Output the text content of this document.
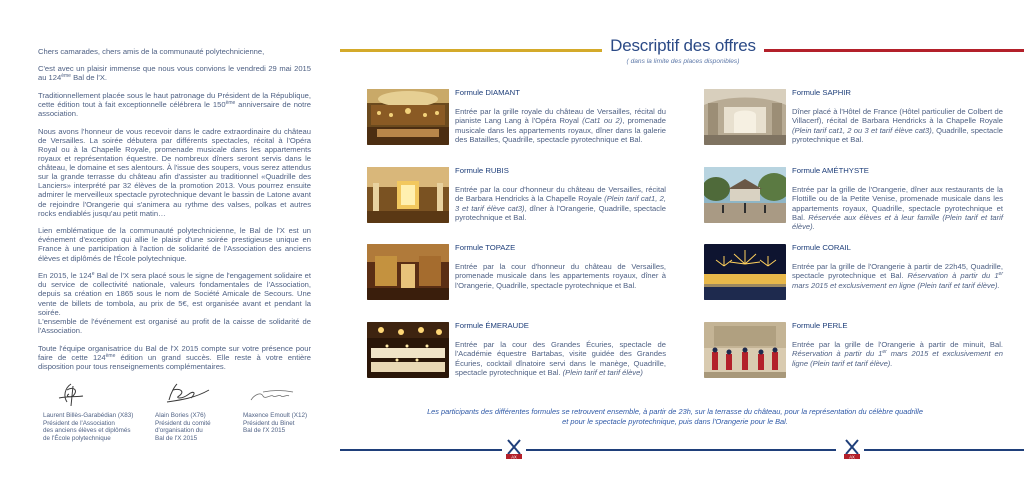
Chers camarades, chers amis de la communauté polytechnicienne,

C'est avec un plaisir immense que nous vous convions le vendredi 29 mai 2015 au 124ème Bal de l'X.

Traditionnellement placée sous le haut patronage du Président de la République, cette édition tout à fait exceptionnelle célébrera le 150ème anniversaire de notre association.

Nous avons l'honneur de vous recevoir dans le cadre extraordinaire du château de Versailles. La soirée débutera par différents spectacles, récital à l'Opéra Royal ou à la Chapelle Royale, promenade musicale dans les appartements royaux et représentation équestre. De nombreux dîners seront servis dans le château, le domaine et ses alentours. À l'issue des soupers, vous serez attendus sur la grande terrasse du château afin d'assister au traditionnel «Quadrille des Lanciers» interprété par 32 élèves de la promotion 2013. Vous pourrez ensuite admirer le merveilleux spectacle pyrotechnique devant le bassin de Latone avant de rejoindre l'Orangerie qui s'animera au rythme des valses, polkas et autres rocks endiablés jusqu'au petit matin…

Lien emblématique de la communauté polytechnicienne, le Bal de l'X est un événement d'exception qui allie le plaisir d'une soirée prestigieuse unique en France à une participation à l'action de solidarité de l'Association des anciens élèves et diplômés de l'École polytechnique.

En 2015, le 124e Bal de l'X sera placé sous le signe de l'engagement solidaire et du service de collectivité nationale, valeurs fondamentales de l'Association, depuis sa création en 1865 sous le nom de Société Amicale de Secours. Une vente de billets de tombola, au prix de 5€, est organisée avant et pendant la soirée.
L'ensemble de l'événement est organisé au profit de la caisse de solidarité de l'Association.

Toute l'équipe organisatrice du Bal de l'X 2015 compte sur votre présence pour faire de cette 124ème édition un grand succès. Elle reste à votre entière disposition pour tous renseignements complémentaires.

Laurent Billès-Garabédian (X83)
Président de l'Association
des anciens élèves et diplômés
de l'École polytechnique
Alain Bories (X76)
Président du comité
d'organisation du
Bal de l'X 2015
Maxence Emoult (X12)
Président du Binet
Bal de l'X 2015
Descriptif des offres
( dans la limite des places disponibles)
Formule DIAMANT
Entrée par la grille royale du château de Versailles, récital du pianiste Lang Lang à l'Opéra Royal (Cat1 ou 2), promenade musicale dans les appartements royaux, dîner dans la galerie des Batailles, Quadrille, spectacle pyrotechnique et Bal.
Formule RUBIS
Entrée par la cour d'honneur du château de Versailles, récital de Barbara Hendricks à la Chapelle Royale (Plein tarif cat1, 2, 3 et tarif élève cat3), dîner à l'Orangerie, Quadrille, spectacle pyrotechnique et Bal.
Formule TOPAZE
Entrée par la cour d'honneur du château de Versailles, promenade musicale dans les appartements royaux, dîner à l'Orangerie, Quadrille, spectacle pyrotechnique et Bal.
Formule ÉMERAUDE
Entrée par la cour des Grandes Écuries, spectacle de l'Académie équestre Bartabas, visite guidée des Grandes Écuries, cocktail dînatoire servi dans le manège, Quadrille, spectacle pyrotechnique et Bal. (Plein tarif et tarif élève)
Formule SAPHIR
Dîner placé à l'Hôtel de France (Hôtel particulier de Colbert de Villacerf), récital de Barbara Hendricks à la Chapelle Royale (Plein tarif cat1, 2 ou 3 et tarif élève cat3), Quadrille, spectacle pyrotechnique et Bal.
Formule AMÉTHYSTE
Entrée par la grille de l'Orangerie, dîner aux restaurants de la Flottille ou de la Petite Venise, promenade musicale dans les appartements royaux, Quadrille, spectacle pyrotechnique et Bal. Réservée aux élèves et à leur famille (Plein tarif et tarif élève).
Formule CORAIL
Entrée par la grille de l'Orangerie à partir de 22h45, Quadrille, spectacle pyrotechnique et Bal. Réservation à partir du 1er mars 2015 et exclusivement en ligne (Plein tarif et tarif élève).
Formule PERLE
Entrée par la grille de l'Orangerie à partir de minuit, Bal. Réservation à partir du 1er mars 2015 et exclusivement en ligne (Plein tarif et tarif élève).
Les participants des différentes formules se retrouvent ensemble, à partir de 23h, sur la terrasse du château, pour la représentation du célèbre quadrille
et pour le spectacle pyrotechnique, puis dans l'Orangerie pour le Bal.
AX	AX
